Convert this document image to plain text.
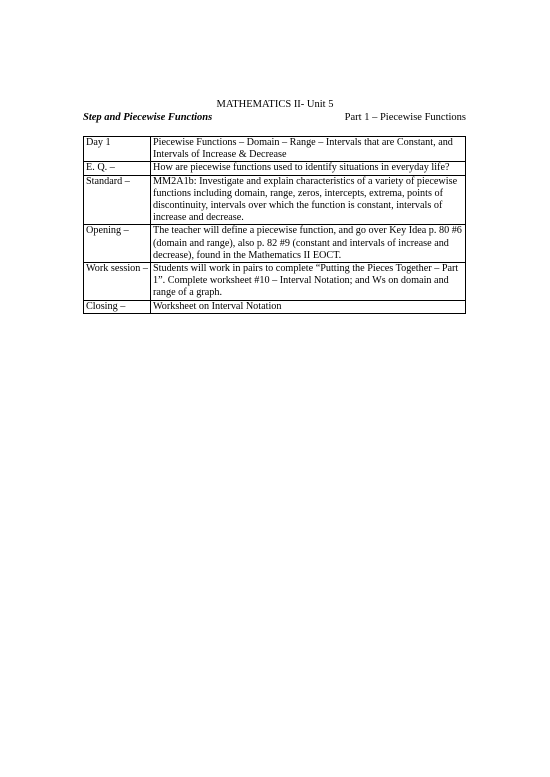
MATHEMATICS II- Unit 5
Step and Piecewise Functions	Part 1 – Piecewise Functions
Day 1	Piecewise Functions – Domain – Range – Intervals that are Constant, and Intervals of Increase & Decrease
E. Q. –	How are piecewise functions used to identify situations in everyday life?
Standard –	MM2A1b: Investigate and explain characteristics of a variety of piecewise functions including domain, range, zeros, intercepts, extrema, points of discontinuity, intervals over which the function is constant, intervals of increase and decrease.
Opening –	The teacher will define a piecewise function, and go over Key Idea p. 80 #6 (domain and range), also p. 82 #9 (constant and intervals of increase and decrease), found in the Mathematics II EOCT.
Work session –	Students will work in pairs to complete “Putting the Pieces Together – Part 1”. Complete worksheet #10 – Interval Notation; and Ws on domain and range of a graph.
Closing –	Worksheet on Interval Notation
